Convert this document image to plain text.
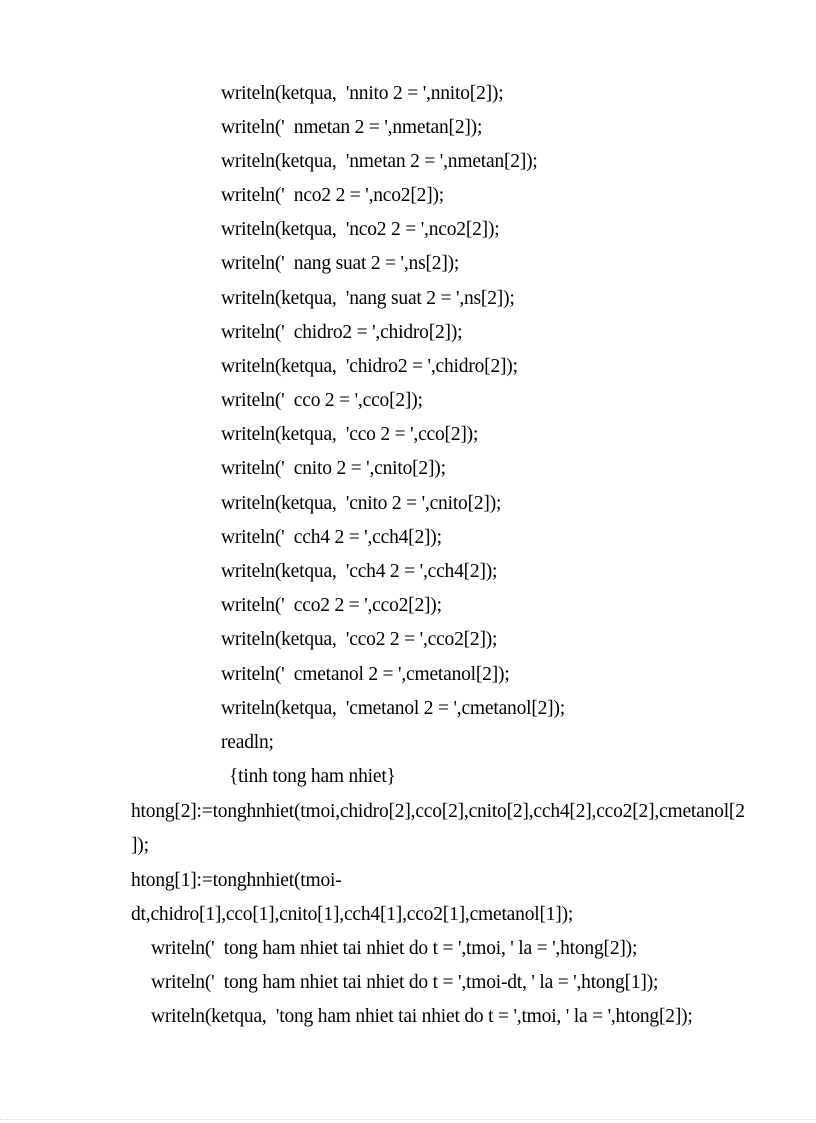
writeln(ketqua,  'nnito 2 = ',nnito[2]);
writeln('  nmetan 2 = ',nmetan[2]);
writeln(ketqua,  'nmetan 2 = ',nmetan[2]);
writeln('  nco2 2 = ',nco2[2]);
writeln(ketqua,  'nco2 2 = ',nco2[2]);
writeln('  nang suat 2 = ',ns[2]);
writeln(ketqua,  'nang suat 2 = ',ns[2]);
writeln('  chidro2 = ',chidro[2]);
writeln(ketqua,  'chidro2 = ',chidro[2]);
writeln('  cco 2 = ',cco[2]);
writeln(ketqua,  'cco 2 = ',cco[2]);
writeln('  cnito 2 = ',cnito[2]);
writeln(ketqua,  'cnito 2 = ',cnito[2]);
writeln('  cch4 2 = ',cch4[2]);
writeln(ketqua,  'cch4 2 = ',cch4[2]);
writeln('  cco2 2 = ',cco2[2]);
writeln(ketqua,  'cco2 2 = ',cco2[2]);
writeln('  cmetanol 2 = ',cmetanol[2]);
writeln(ketqua,  'cmetanol 2 = ',cmetanol[2]);
readln;
{tinh tong ham nhiet}
htong[2]:=tonghnhiet(tmoi,chidro[2],cco[2],cnito[2],cch4[2],cco2[2],cmetanol[2
]);
htong[1]:=tonghnhiet(tmoi-
dt,chidro[1],cco[1],cnito[1],cch4[1],cco2[1],cmetanol[1]);
writeln('  tong ham nhiet tai nhiet do t = ',tmoi, ' la = ',htong[2]);
writeln('  tong ham nhiet tai nhiet do t = ',tmoi-dt, ' la = ',htong[1]);
writeln(ketqua,  'tong ham nhiet tai nhiet do t = ',tmoi, ' la = ',htong[2]);
